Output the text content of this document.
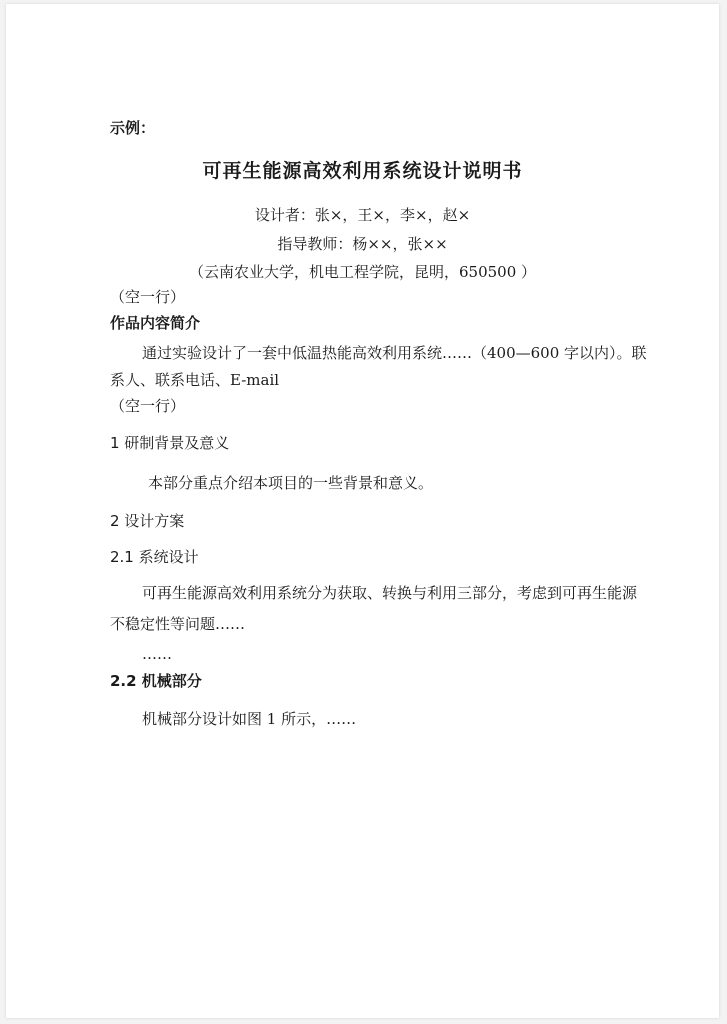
示例：
可再生能源高效利用系统设计说明书
设计者：张×，王×，李×，赵×
指导教师：杨××，张××
（云南农业大学，机电工程学院，昆明，650500 ）
（空一行）
作品内容简介
通过实验设计了一套中低温热能高效利用系统……（400—600 字以内）。联
系人、联系电话、E-mail
（空一行）
1 研制背景及意义
本部分重点介绍本项目的一些背景和意义。
2 设计方案
2.1 系统设计
可再生能源高效利用系统分为获取、转换与利用三部分，考虑到可再生能源
不稳定性等问题……
……
2.2 机械部分
机械部分设计如图 1 所示，……
